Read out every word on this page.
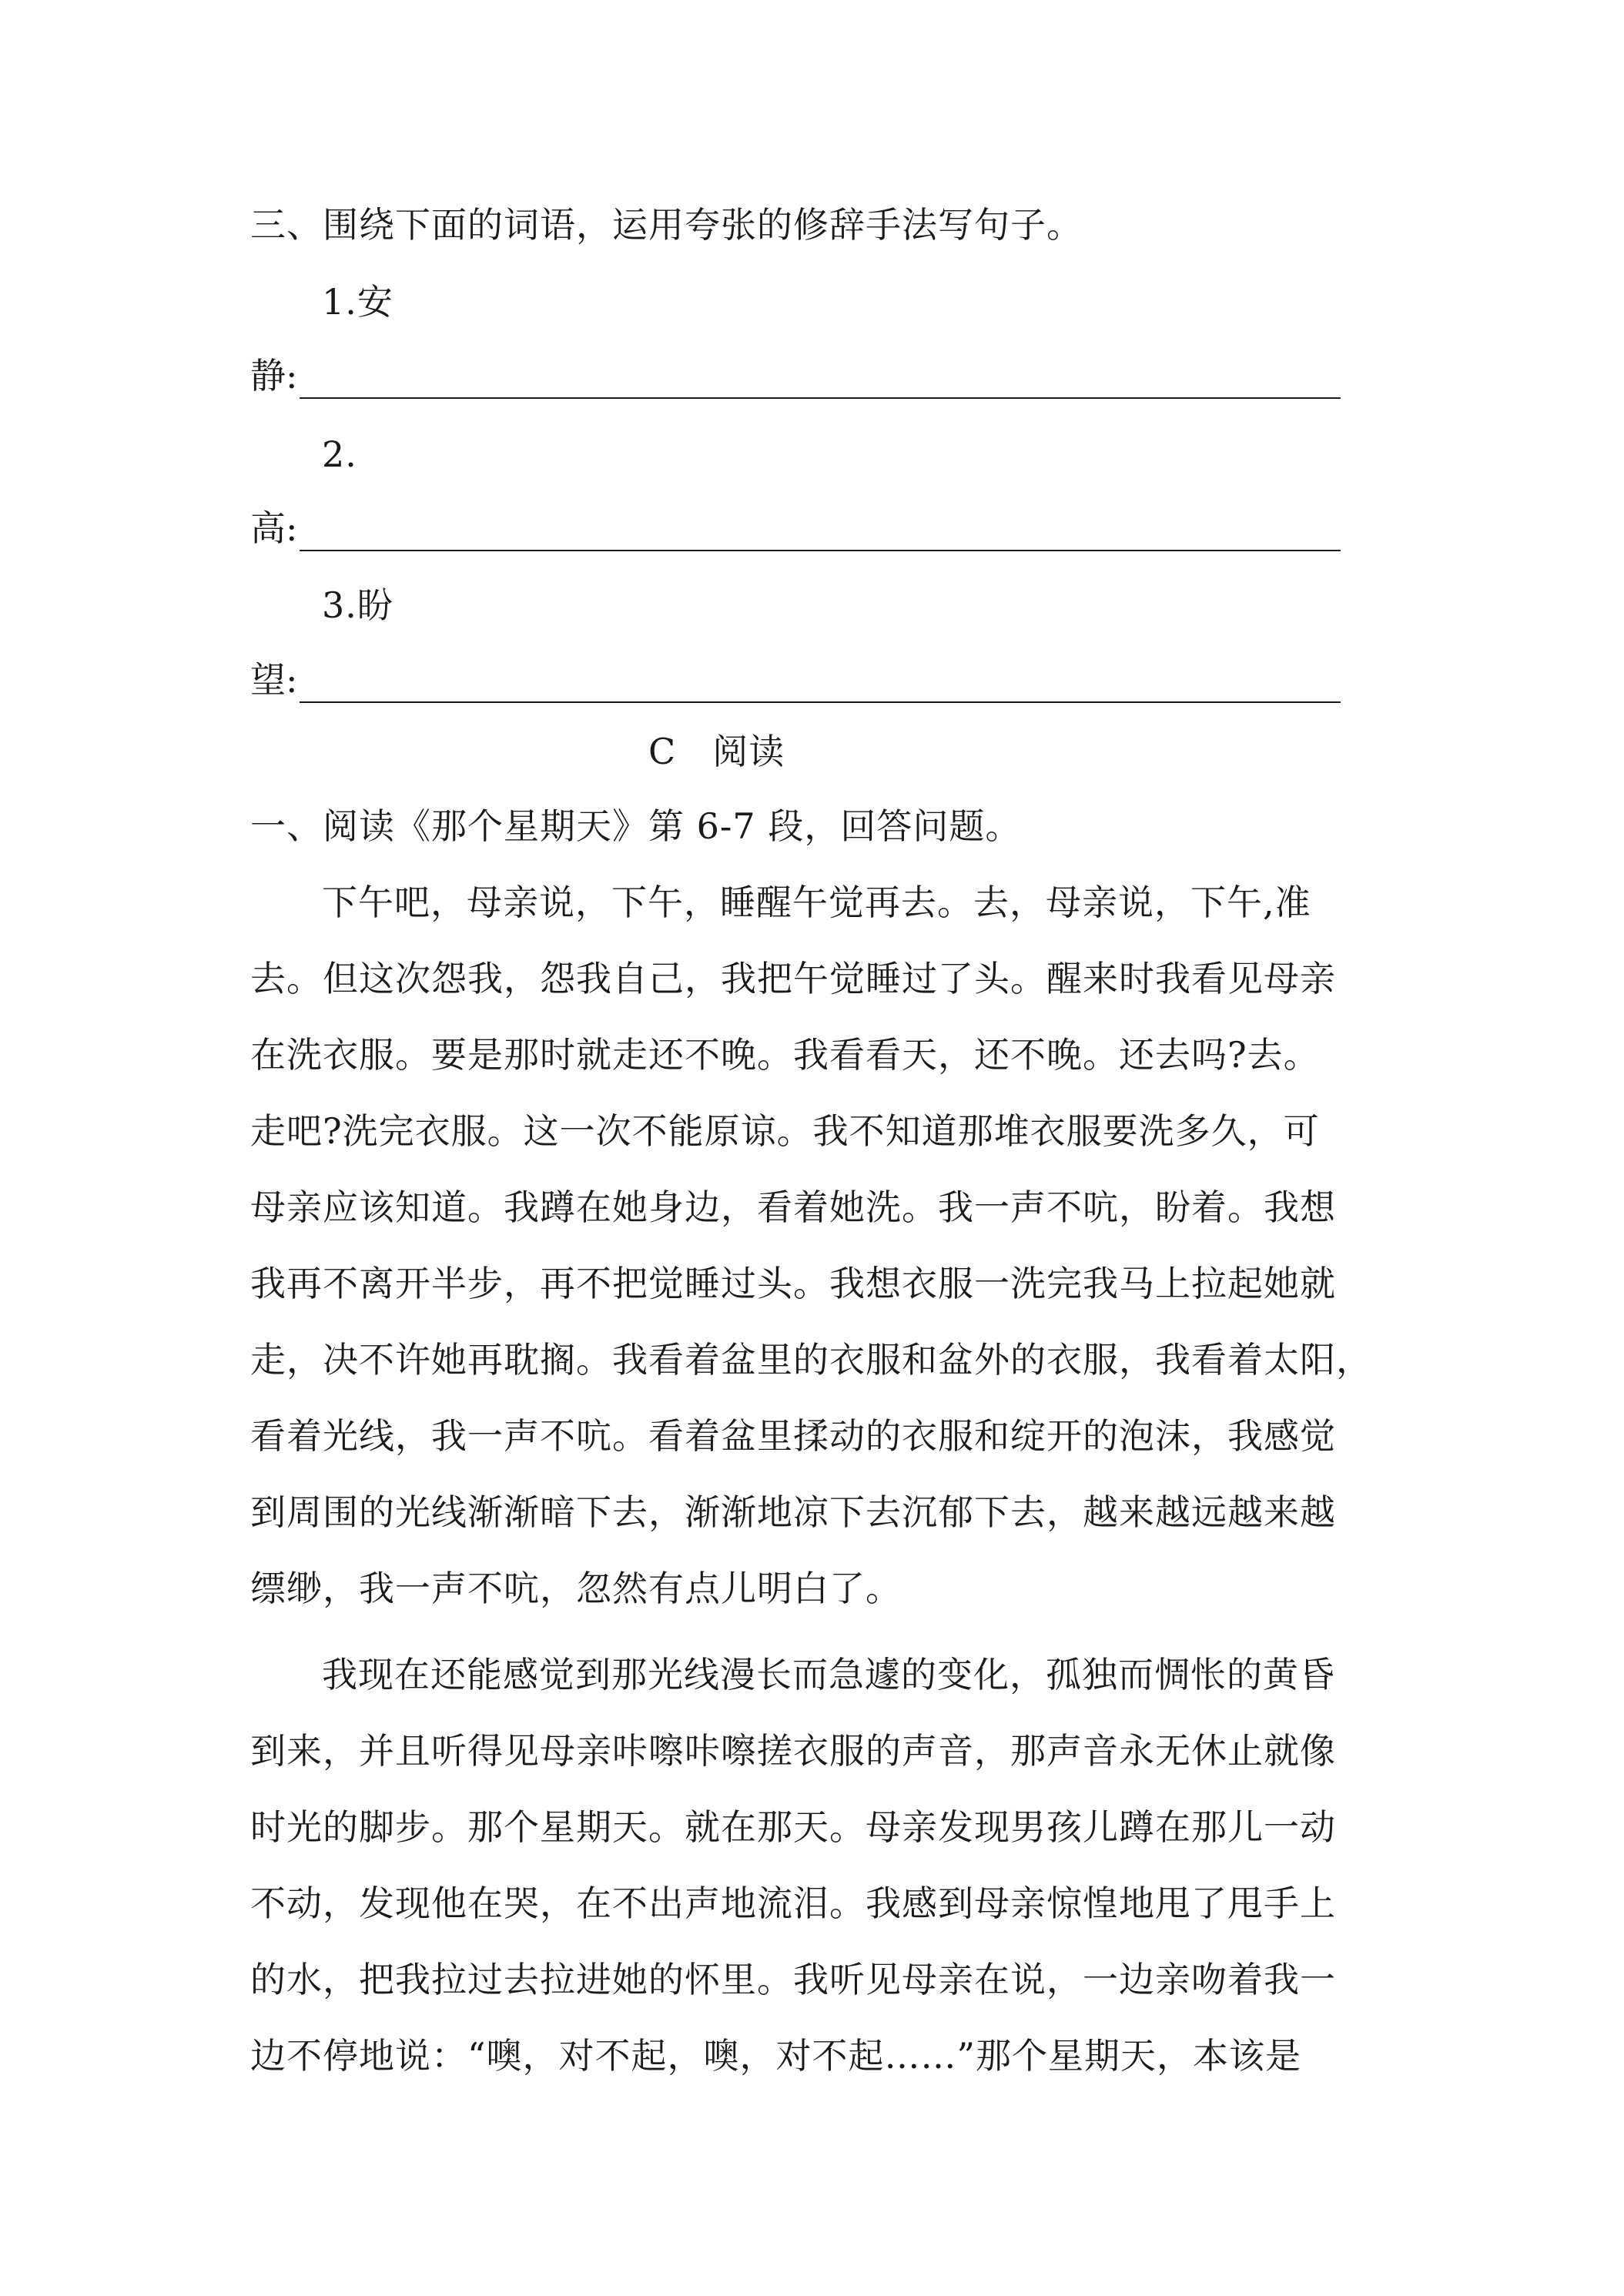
三、围绕下面的词语，运用夸张的修辞手法写句子。
1.安
静:
2.
高:
3.盼
望:
C　阅读
一、阅读《那个星期天》第 6-7 段，回答问题。
下午吧，母亲说，下午，睡醒午觉再去。去，母亲说，下午,准
去。但这次怨我，怨我自己，我把午觉睡过了头。醒来时我看见母亲
在洗衣服。要是那时就走还不晚。我看看天，还不晚。还去吗?去。
走吧?洗完衣服。这一次不能原谅。我不知道那堆衣服要洗多久，可
母亲应该知道。我蹲在她身边，看着她洗。我一声不吭，盼着。我想
我再不离开半步，再不把觉睡过头。我想衣服一洗完我马上拉起她就
走，决不许她再耽搁。我看着盆里的衣服和盆外的衣服，我看着太阳，
看着光线，我一声不吭。看着盆里揉动的衣服和绽开的泡沫，我感觉
到周围的光线渐渐暗下去，渐渐地凉下去沉郁下去，越来越远越来越
缥缈，我一声不吭，忽然有点儿明白了。
我现在还能感觉到那光线漫长而急遽的变化，孤独而惆怅的黄昏
到来，并且听得见母亲咔嚓咔嚓搓衣服的声音，那声音永无休止就像
时光的脚步。那个星期天。就在那天。母亲发现男孩儿蹲在那儿一动
不动，发现他在哭，在不出声地流泪。我感到母亲惊惶地甩了甩手上
的水，把我拉过去拉进她的怀里。我听见母亲在说，一边亲吻着我一
边不停地说：“噢，对不起，噢，对不起……”那个星期天，本该是
